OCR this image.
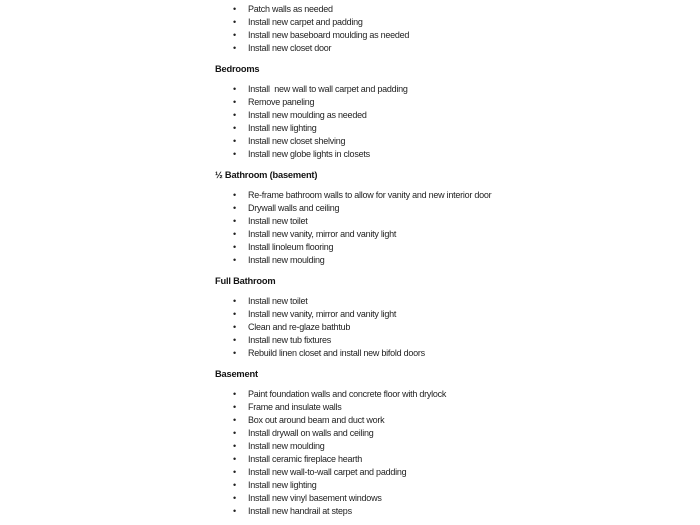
• Patch walls as needed
• Install new carpet and padding
• Install new baseboard moulding as needed
• Install new closet door
Bedrooms
• Install  new wall to wall carpet and padding
• Remove paneling
• Install new moulding as needed
• Install new lighting
• Install new closet shelving
• Install new globe lights in closets
½ Bathroom (basement)
• Re-frame bathroom walls to allow for vanity and new interior door
• Drywall walls and ceiling
• Install new toilet
• Install new vanity, mirror and vanity light
• Install linoleum flooring
• Install new moulding
Full Bathroom
• Install new toilet
• Install new vanity, mirror and vanity light
• Clean and re-glaze bathtub
• Install new tub fixtures
• Rebuild linen closet and install new bifold doors
Basement
• Paint foundation walls and concrete floor with drylock
• Frame and insulate walls
• Box out around beam and duct work
• Install drywall on walls and ceiling
• Install new moulding
• Install ceramic fireplace hearth
• Install new wall-to-wall carpet and padding
• Install new lighting
• Install new vinyl basement windows
• Install new handrail at steps
